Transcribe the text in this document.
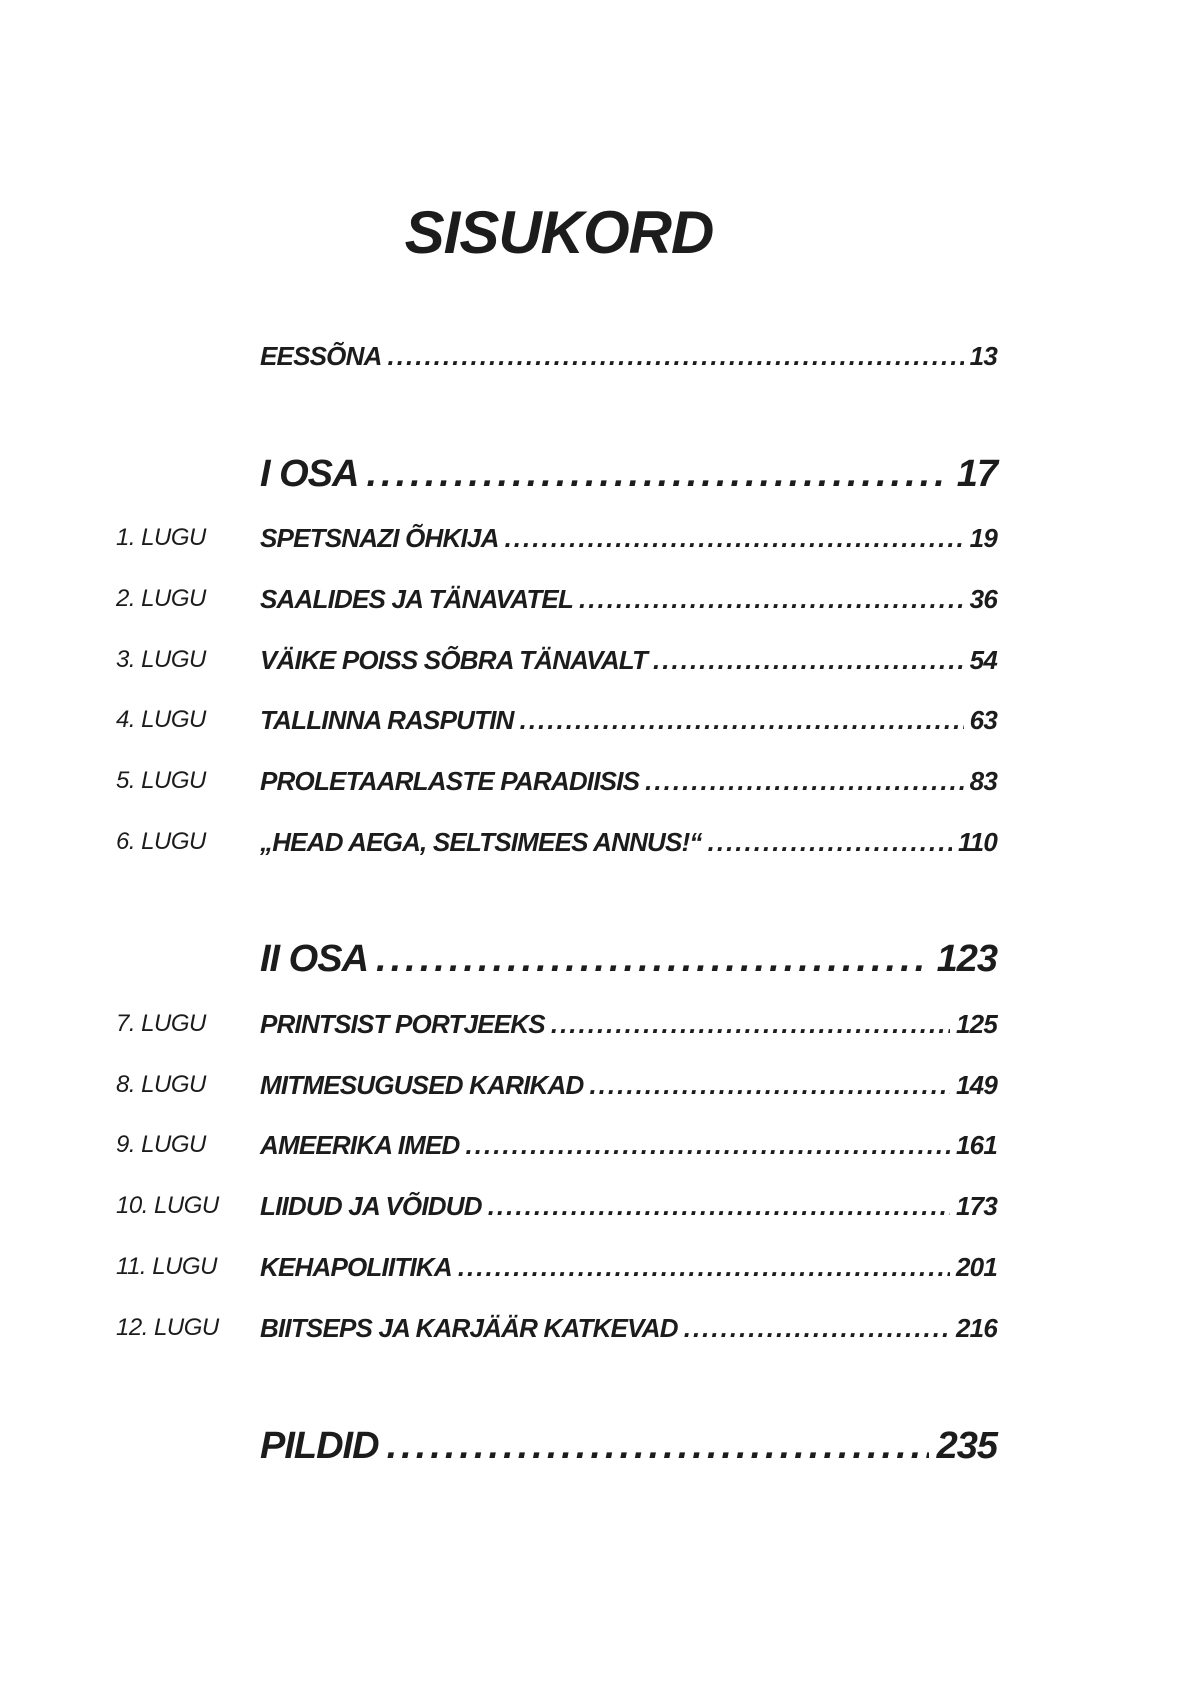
SISUKORD
EESSÕNA .....	13
I OSA .....	17
1. LUGU SPETSNAZI ÕHKIJA .....	19
2. LUGU SAALIDES JA TÄNAVATEL .....	36
3. LUGU VÄIKE POISS SÕBRA TÄNAVALT .....	54
4. LUGU TALLINNA RASPUTIN .....	63
5. LUGU PROLETAARLASTE PARADIISIS .....	83
6. LUGU „HEAD AEGA, SELTSIMEES ANNUS!“ .....	110
II OSA .....	123
7. LUGU PRINTSIST PORTJEEKS .....	125
8. LUGU MITMESUGUSED KARIKAD .....	149
9. LUGU AMEERIKA IMED .....	161
10. LUGU LIIDUD JA VÕIDUD .....	173
11. LUGU KEHAPOLIITIKA .....	201
12. LUGU BIITSEPS JA KARJÄÄR KATKEVAD .....	216
PILDID .....	235
